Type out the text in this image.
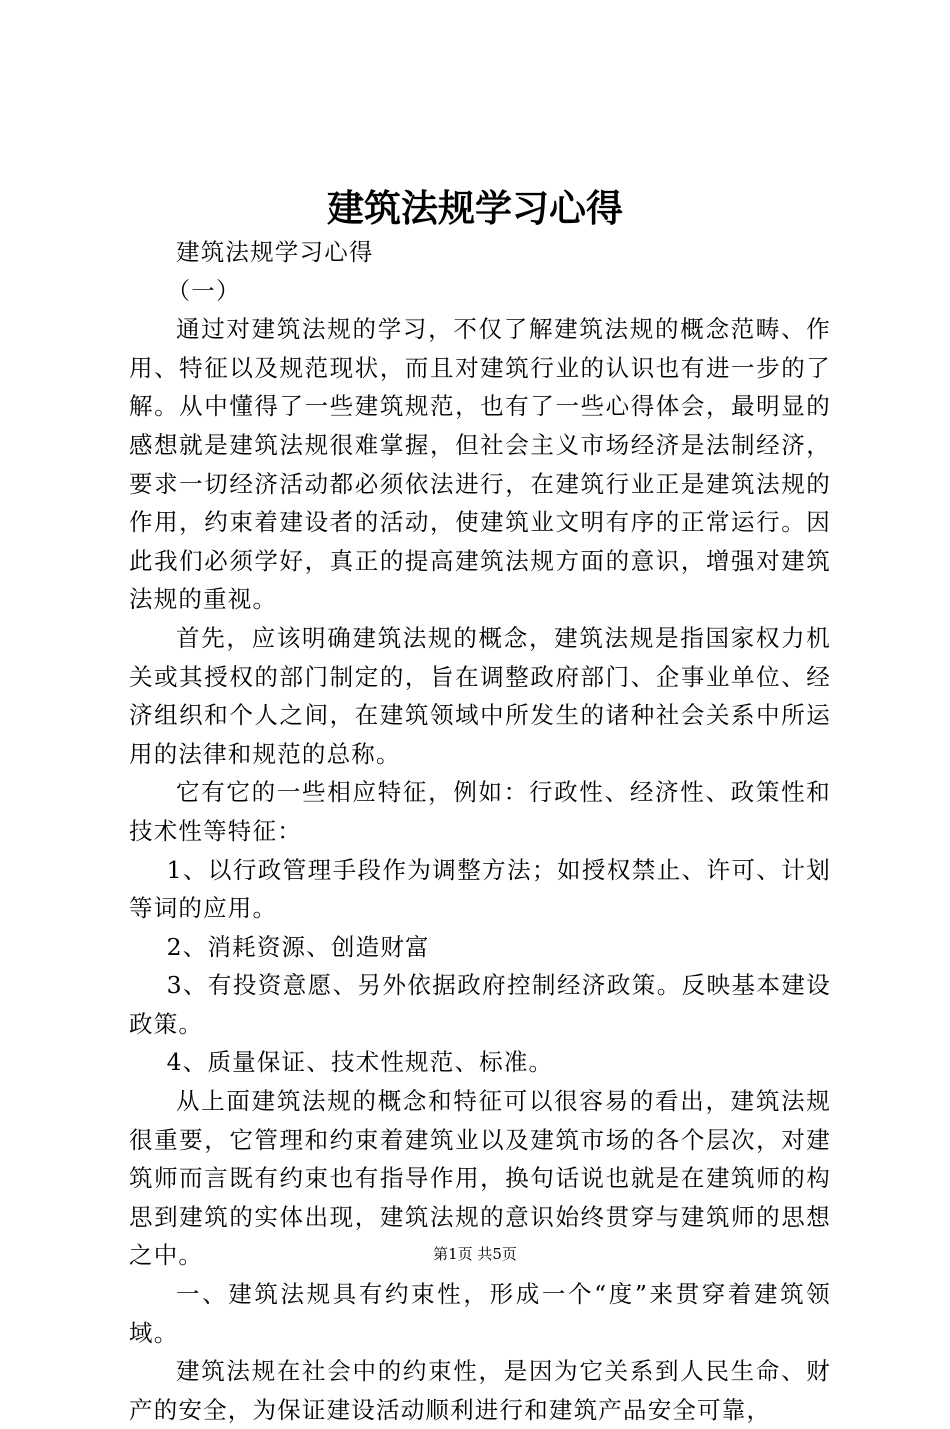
建筑法规学习心得

建筑法规学习心得

（一）

通过对建筑法规的学习，不仅了解建筑法规的概念范畴、作用、特征以及规范现状，而且对建筑行业的认识也有进一步的了解。从中懂得了一些建筑规范，也有了一些心得体会，最明显的感想就是建筑法规很难掌握，但社会主义市场经济是法制经济，要求一切经济活动都必须依法进行，在建筑行业正是建筑法规的作用，约束着建设者的活动，使建筑业文明有序的正常运行。因此我们必须学好，真正的提高建筑法规方面的意识，增强对建筑法规的重视。

首先，应该明确建筑法规的概念，建筑法规是指国家权力机关或其授权的部门制定的，旨在调整政府部门、企事业单位、经济组织和个人之间，在建筑领域中所发生的诸种社会关系中所运用的法律和规范的总称。

它有它的一些相应特征，例如：行政性、经济性、政策性和技术性等特征：

1、以行政管理手段作为调整方法；如授权禁止、许可、计划等词的应用。

2、消耗资源、创造财富

3、有投资意愿、另外依据政府控制经济政策。反映基本建设政策。

4、质量保证、技术性规范、标准。

从上面建筑法规的概念和特征可以很容易的看出，建筑法规很重要，它管理和约束着建筑业以及建筑市场的各个层次，对建筑师而言既有约束也有指导作用，换句话说也就是在建筑师的构思到建筑的实体出现，建筑法规的意识始终贯穿与建筑师的思想之中。

一、建筑法规具有约束性，形成一个“度”来贯穿着建筑领域。

建筑法规在社会中的约束性，是因为它关系到人民生命、财产的安全，为保证建设活动顺利进行和建筑产品安全可靠，

第1页 共5页
